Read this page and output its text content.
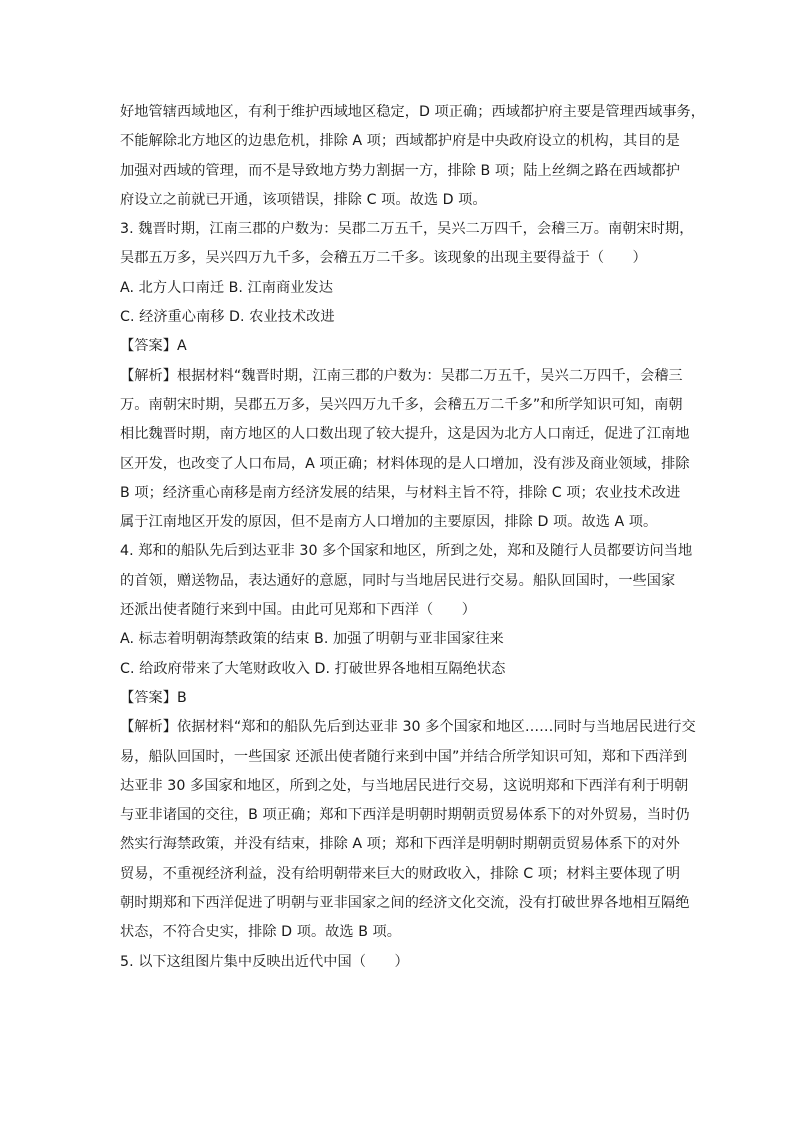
好地管辖西域地区，有利于维护西域地区稳定，D 项正确；西域都护府主要是管理西域事务，
不能解除北方地区的边患危机，排除 A 项；西域都护府是中央政府设立的机构，其目的是
加强对西域的管理，而不是导致地方势力割据一方，排除 B 项；陆上丝绸之路在西域都护
府设立之前就已开通，该项错误，排除 C 项。故选 D 项。
3. 魏晋时期，江南三郡的户数为：吴郡二万五千，吴兴二万四千，会稽三万。南朝宋时期，
吴郡五万多，吴兴四万九千多，会稽五万二千多。该现象的出现主要得益于（　　）
A. 北方人口南迁 B. 江南商业发达
C. 经济重心南移 D. 农业技术改进
【答案】A
【解析】根据材料“魏晋时期，江南三郡的户数为：吴郡二万五千，吴兴二万四千，会稽三
万。南朝宋时期，吴郡五万多，吴兴四万九千多，会稽五万二千多”和所学知识可知，南朝
相比魏晋时期，南方地区的人口数出现了较大提升，这是因为北方人口南迁，促进了江南地
区开发，也改变了人口布局，A 项正确；材料体现的是人口增加，没有涉及商业领域，排除
B 项；经济重心南移是南方经济发展的结果，与材料主旨不符，排除 C 项；农业技术改进
属于江南地区开发的原因，但不是南方人口增加的主要原因，排除 D 项。故选 A 项。
4. 郑和的船队先后到达亚非 30 多个国家和地区，所到之处，郑和及随行人员都要访问当地
的首领，赠送物品，表达通好的意愿，同时与当地居民进行交易。船队回国时，一些国家
还派出使者随行来到中国。由此可见郑和下西洋（　　）
A. 标志着明朝海禁政策的结束 B. 加强了明朝与亚非国家往来
C. 给政府带来了大笔财政收入 D. 打破世界各地相互隔绝状态
【答案】B
【解析】依据材料“郑和的船队先后到达亚非 30 多个国家和地区……同时与当地居民进行交
易，船队回国时，一些国家 还派出使者随行来到中国”并结合所学知识可知，郑和下西洋到
达亚非 30 多国家和地区，所到之处，与当地居民进行交易，这说明郑和下西洋有利于明朝
与亚非诸国的交往，B 项正确；郑和下西洋是明朝时期朝贡贸易体系下的对外贸易，当时仍
然实行海禁政策，并没有结束，排除 A 项；郑和下西洋是明朝时期朝贡贸易体系下的对外
贸易，不重视经济利益，没有给明朝带来巨大的财政收入，排除 C 项；材料主要体现了明
朝时期郑和下西洋促进了明朝与亚非国家之间的经济文化交流，没有打破世界各地相互隔绝
状态，不符合史实，排除 D 项。故选 B 项。
5. 以下这组图片集中反映出近代中国（　　）
